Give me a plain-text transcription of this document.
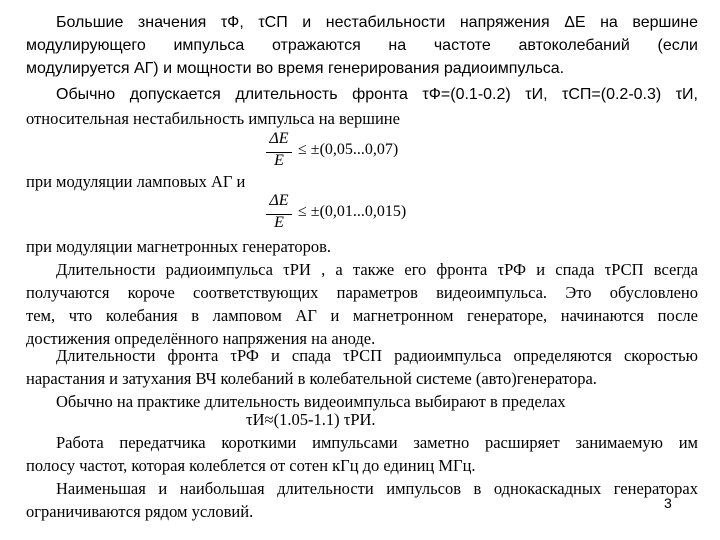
Большие значения τФ, τСП и нестабильности напряжения ΔE на вершине
модулирующего импульса отражаются на частоте автоколебаний (если
модулируется АГ) и мощности во время генерирования радиоимпульса.
Обычно допускается длительность фронта τФ=(0.1-0.2) τИ, τСП=(0.2-0.3) τИ,
относительная нестабильность импульса на вершине
ΔE
E
≤ ±(0,05...0,07)
при модуляции ламповых АГ и
ΔE
E
≤ ±(0,01...0,015)
при модуляции магнетронных генераторов.
Длительности радиоимпульса τРИ , а также его фронта τРФ и спада τРСП всегда
получаются короче соответствующих параметров видеоимпульса. Это обусловлено
тем, что колебания в ламповом АГ и магнетронном генераторе, начинаются после
достижения определённого напряжения на аноде.
Длительности фронта τРФ и спада τРСП радиоимпульса определяются скоростью
нарастания и затухания ВЧ колебаний в колебательной системе (авто)генератора.
Обычно на практике длительность видеоимпульса выбирают в пределах
τИ≈(1.05-1.1) τРИ.
Работа передатчика короткими импульсами заметно расширяет занимаемую им
полосу частот, которая колеблется от сотен кГц до единиц МГц.
Наименьшая и наибольшая длительности импульсов в однокаскадных генераторах
ограничиваются рядом условий.	3
